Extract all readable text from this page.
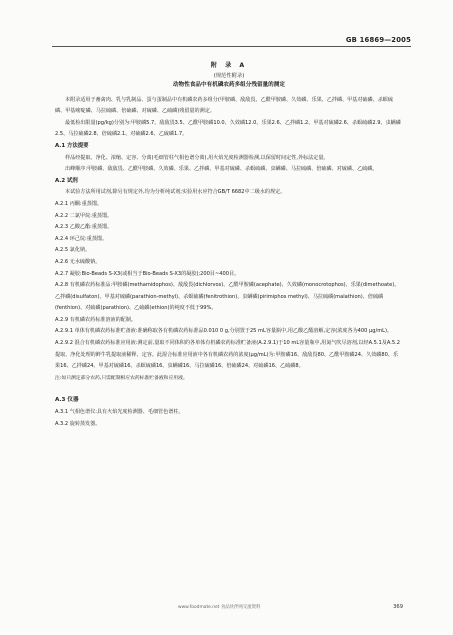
GB 16869—2005
附 录 A
(规范性附录)
动物性食品中有机磷农药多组分残留量的测定
本附录适用于畜禽肉、乳与乳制品、蛋与蛋制品中有机磷农药多组分(甲胺磷、敌敌畏、乙酰甲胺磷、久效磷、乐果、乙拌磷、甲基对硫磷、杀螟硫磷、甲基嘧啶磷、马拉硫磷、倍硫磷、对硫磷、乙硫磷)残留量的测定。
最低检出限量(pg/kg)分别为:甲胺磷5.7、敌敌畏3.5、乙酰甲胺磷10.0、久效磷12.0、乐果2.6、乙拌磷1.2、甲基对硫磷2.6、杀螟硫磷2.9、虫螨磷2.5、马拉硫磷2.8、倍硫磷2.1、对硫磷2.6、乙硫磷1.7。
A.1 方法提要
样品经提取、净化、浓缩、定容、分离(毛细管柱气相色谱分离),用火焰光度检测器检测,以保留时间定性,外标法定量。
出峰顺序:甲胺磷、敌敌畏、乙酰甲胺磷、久效磷、乐果、乙拌磷、甲基对硫磷、杀螟硫磷、虫螨磷、马拉硫磷、倍硫磷、对硫磷、乙硫磷。
A.2 试剂
本试验方法所用试剂,除另有规定外,均为分析纯试剂;实验用水应符合GB/T 6682中二级水的规定。
A.2.1 丙酮:重蒸馏。
A.2.2 二氯甲烷:重蒸馏。
A.2.3 乙酸乙酯:重蒸馏。
A.2.4 环己烷:重蒸馏。
A.2.5 氯化钠。
A.2.6 无水硫酸钠。
A.2.7 凝胶:Bio-Beads S-X3(或相当于Bio-Beads S-X3的凝胶);200目~400目。
A.2.8 有机磷农药标准品:甲胺磷(methamidophos)、敌敌畏(dichlorvos)、乙酰甲胺磷(acephate)、久效磷(monocrotophos)、乐果(dimethoate)、乙拌磷(disulfaton)、甲基对硫磷(parathion-methyl)、杀螟硫磷(fenitrothion)、虫螨磷(pirimiphos methyl)、马拉硫磷(malathion)、倍硫磷(fenthion)、对硫磷(parathion)、乙硫磷(ethion)的纯度不低于99%。
A.2.9 有机磷农药标准溶液的配制。
A.2.9.1 单体有机磷农药标准贮备液:准确称取各有机磷农药标准品0.010 0 g,分别置于25 mL容量瓶中,用乙酸乙酯溶解,定容(浓度各为400 μg/mL)。
A.2.9.2 混合有机磷农药标准应用液:测定前,量取不同体积的各单体有机磷农药标准贮备液(A.2.9.1)于10 mL容量瓶中,用氮气吹尽溶剂,以经A.5.1及A.5.2提取、净化处理的鲜牛乳提取液稀释、定容。此混合标准应用液中各有机磷农药的浓度(μg/mL)为:甲胺磷16、敌敌畏80、乙酰甲胺磷24、久效磷80、乐果16、乙拌磷24、甲基对硫磷16、杀螟硫磷16、虫螨磷16、马拉硫磷16、倍硫磷24、对硫磷16、乙硫磷8。
注:如只测定部分农药,只需配制相应农药标准贮备液和应用液。
A.3 仪器
A.3.1 气相色谱仪:具有火焰光度检测器、毛细管色谱柱。
A.3.2 旋转蒸发器。
www.foodmate.net 食品伙伴网交流资料	369
